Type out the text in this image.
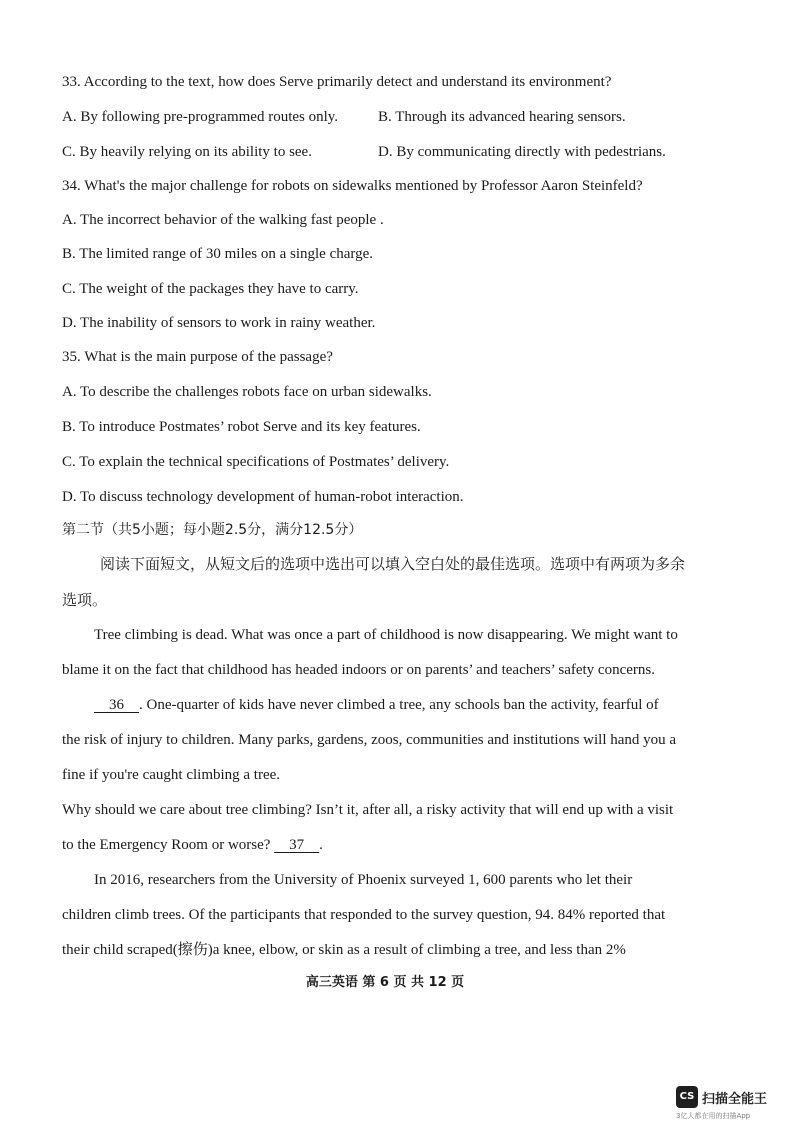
33. According to the text, how does Serve primarily detect and understand its environment?
A. By following pre-programmed routes only.	B. Through its advanced hearing sensors.
C. By heavily relying on its ability to see.	D. By communicating directly with pedestrians.
34. What's the major challenge for robots on sidewalks mentioned by Professor Aaron Steinfeld?
A. The incorrect behavior of the walking fast people .
B. The limited range of 30 miles on a single charge.
C. The weight of the packages they have to carry.
D. The inability of sensors to work in rainy weather.
35. What is the main purpose of the passage?
A. To describe the challenges robots face on urban sidewalks.
B. To introduce Postmates’ robot Serve and its key features.
C. To explain the technical specifications of Postmates’ delivery.
D. To discuss technology development of human-robot interaction.
第二节（共5小题；每小题2.5分，满分12.5分）
阅读下面短文，从短文后的选项中选出可以填入空白处的最佳选项。选项中有两项为多余
选项。
Tree climbing is dead. What was once a part of childhood is now disappearing. We might want to
blame it on the fact that childhood has headed indoors or on parents’ and teachers’ safety concerns.
36 . One-quarter of kids have never climbed a tree, any schools ban the activity, fearful of
the risk of injury to children. Many parks, gardens, zoos, communities and institutions will hand you a
fine if you're caught climbing a tree.
Why should we care about tree climbing? Isn’t it, after all, a risky activity that will end up with a visit
to the Emergency Room or worse? 37 .
In 2016, researchers from the University of Phoenix surveyed 1, 600 parents who let their
children climb trees. Of the participants that responded to the survey question, 94. 84% reported that
their child scraped(擦伤)a knee, elbow, or skin as a result of climbing a tree, and less than 2%
高三英语 第 6 页 共 12 页
CS 扫描全能王
3亿人都在用的扫描App
